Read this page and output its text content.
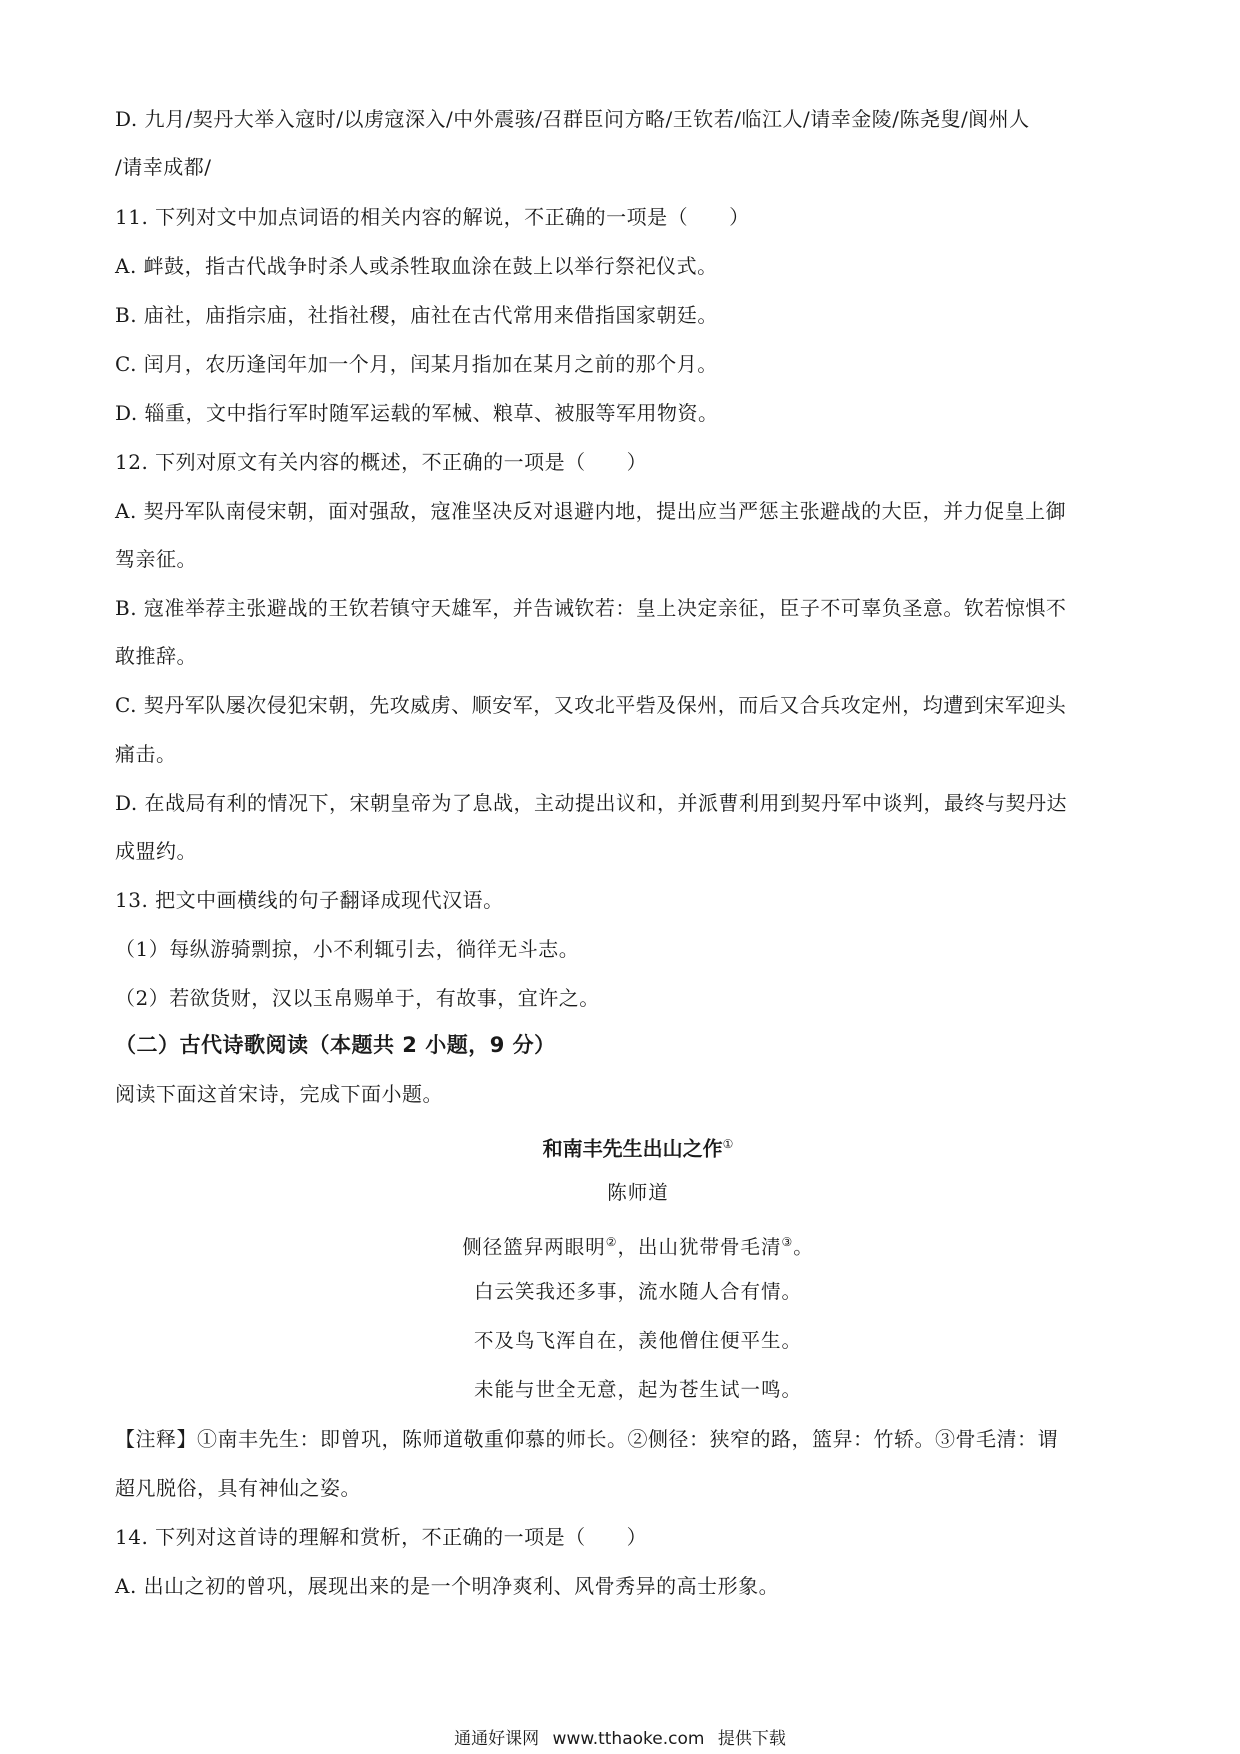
D. 九月/契丹大举入寇时/以虏寇深入/中外震骇/召群臣问方略/王钦若/临江人/请幸金陵/陈尧叟/阆州人
/请幸成都/
11. 下列对文中加点词语的相关内容的解说，不正确的一项是（　　）
A. 衅鼓，指古代战争时杀人或杀牲取血涂在鼓上以举行祭祀仪式。
B. 庙社，庙指宗庙，社指社稷，庙社在古代常用来借指国家朝廷。
C. 闰月，农历逢闰年加一个月，闰某月指加在某月之前的那个月。
D. 辎重，文中指行军时随军运载的军械、粮草、被服等军用物资。
12. 下列对原文有关内容的概述，不正确的一项是（　　）
A. 契丹军队南侵宋朝，面对强敌，寇准坚决反对退避内地，提出应当严惩主张避战的大臣，并力促皇上御
驾亲征。
B. 寇准举荐主张避战的王钦若镇守天雄军，并告诫钦若：皇上决定亲征，臣子不可辜负圣意。钦若惊惧不
敢推辞。
C. 契丹军队屡次侵犯宋朝，先攻威虏、顺安军，又攻北平砦及保州，而后又合兵攻定州，均遭到宋军迎头
痛击。
D. 在战局有利的情况下，宋朝皇帝为了息战，主动提出议和，并派曹利用到契丹军中谈判，最终与契丹达
成盟约。
13. 把文中画横线的句子翻译成现代汉语。
（1）每纵游骑剽掠，小不利辄引去，徜徉无斗志。
（2）若欲货财，汉以玉帛赐单于，有故事，宜许之。
（二）古代诗歌阅读（本题共 2 小题，9 分）
阅读下面这首宋诗，完成下面小题。
和南丰先生出山之作①
陈师道
侧径篮舁两眼明②，出山犹带骨毛清③。
白云笑我还多事，流水随人合有情。
不及鸟飞浑自在，羡他僧住便平生。
未能与世全无意，起为苍生试一鸣。
【注释】①南丰先生：即曾巩，陈师道敬重仰慕的师长。②侧径：狭窄的路，篮舁：竹轿。③骨毛清：谓
超凡脱俗，具有神仙之姿。
14. 下列对这首诗的理解和赏析，不正确的一项是（　　）
A. 出山之初的曾巩，展现出来的是一个明净爽利、风骨秀异的高士形象。
通通好课网 www.tthaoke.com 提供下载
